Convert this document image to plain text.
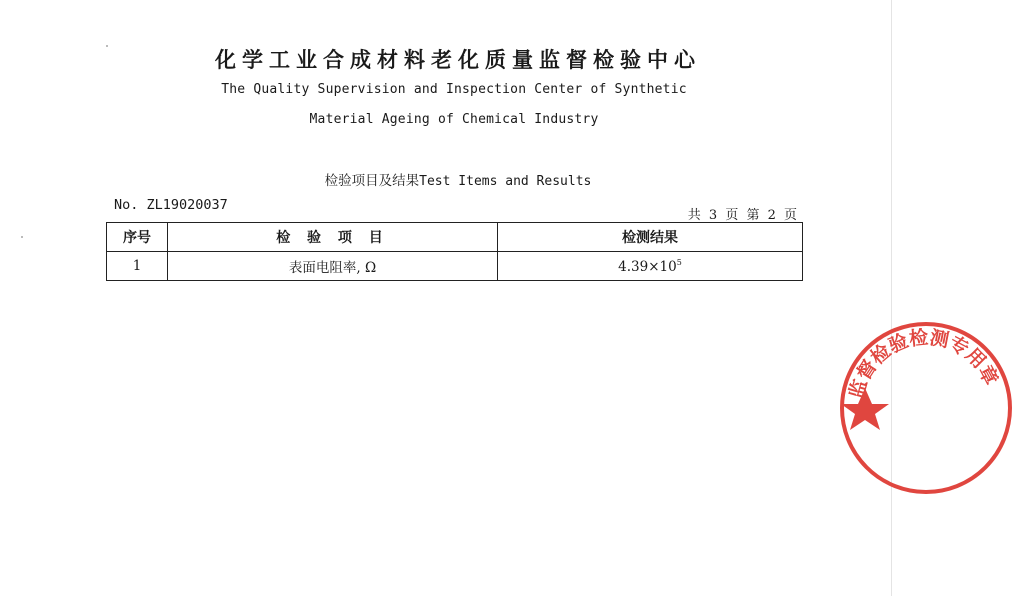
化学工业合成材料老化质量监督检验中心
The Quality Supervision and Inspection Center of Synthetic
Material Ageing of Chemical Industry
检验项目及结果Test Items and Results
No. ZL19020037
共 3 页 第 2 页
序号	检 验 项 目	检测结果
1	表面电阻率, Ω	$4.39\times 10^5$
监督检验检测专用章
